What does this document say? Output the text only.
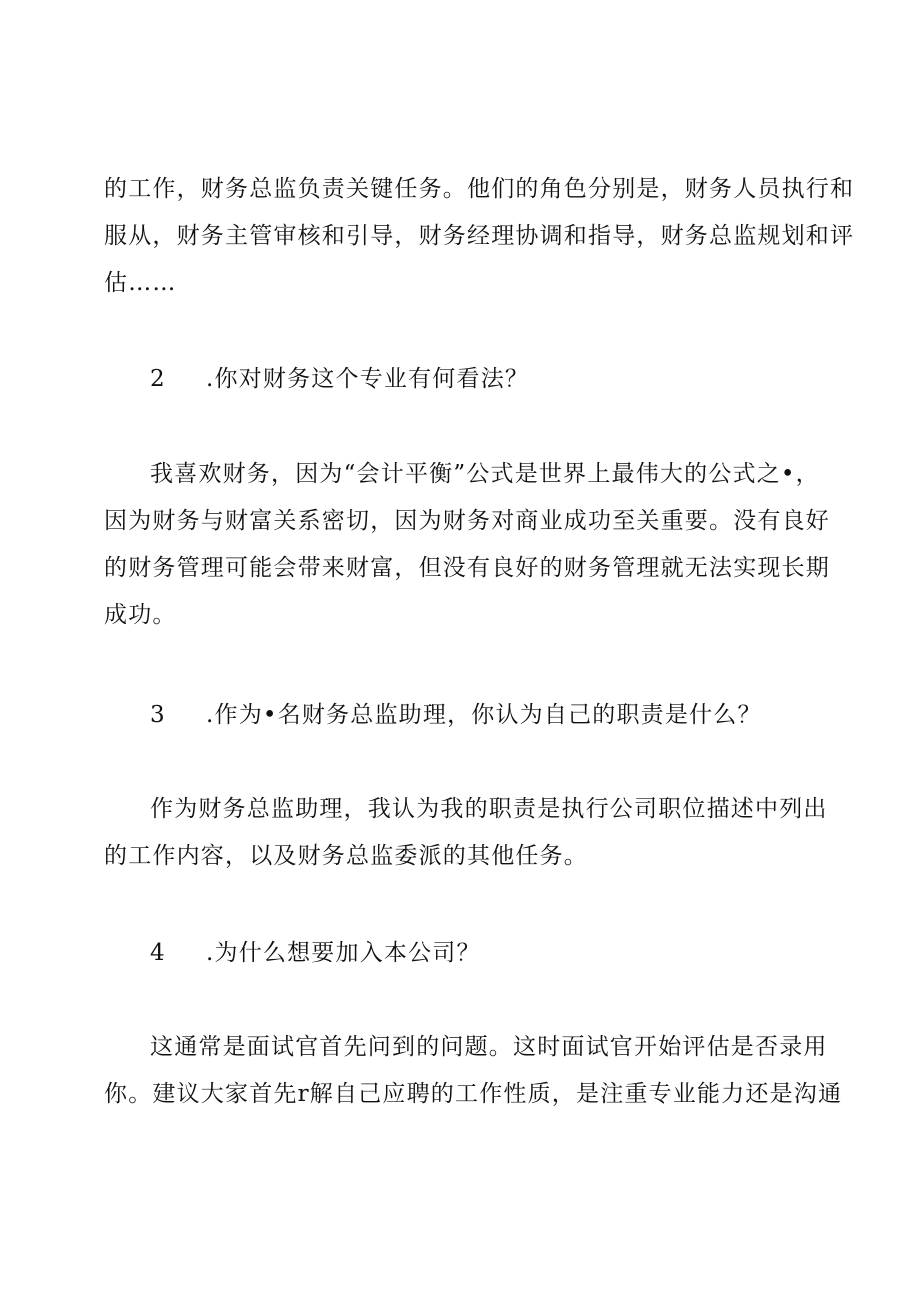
的工作，财务总监负责关键任务。他们的角色分别是，财务人员执行和
服从，财务主管审核和引导，财务经理协调和指导，财务总监规划和评
估……

2 .你对财务这个专业有何看法？

我喜欢财务，因为“会计平衡”公式是世界上最伟大的公式之•，
因为财务与财富关系密切，因为财务对商业成功至关重要。没有良好
的财务管理可能会带来财富，但没有良好的财务管理就无法实现长期
成功。

3 .作为•名财务总监助理，你认为自己的职责是什么？

作为财务总监助理，我认为我的职责是执行公司职位描述中列出
的工作内容，以及财务总监委派的其他任务。

4 .为什么想要加入本公司？

这通常是面试官首先问到的问题。这时面试官开始评估是否录用
你。建议大家首先r解自己应聘的工作性质，是注重专业能力还是沟通
